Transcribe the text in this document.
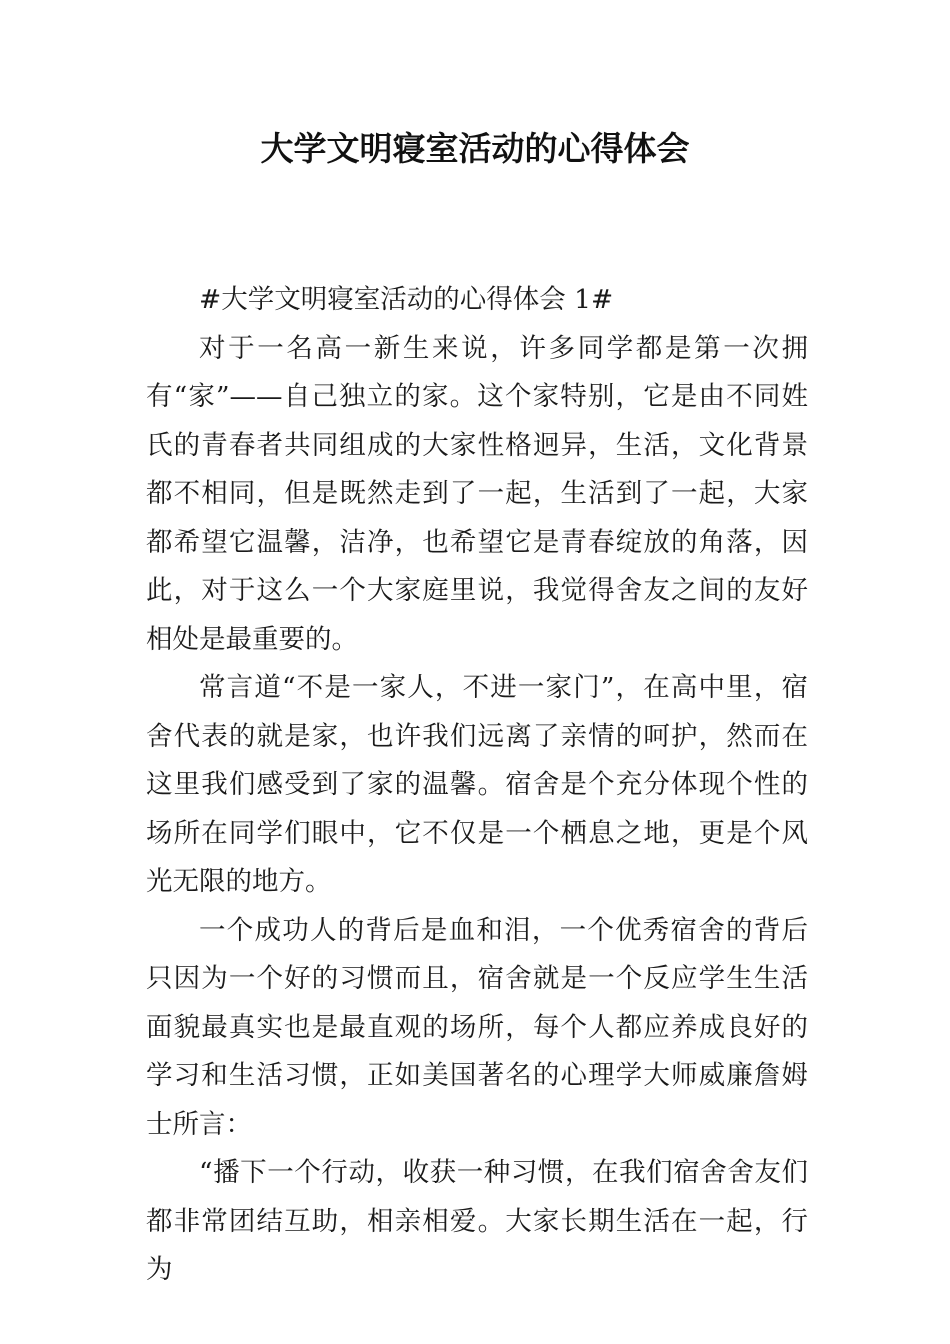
大学文明寝室活动的心得体会

#大学文明寝室活动的心得体会 1#

对于一名高一新生来说，许多同学都是第一次拥有“家”——自己独立的家。这个家特别，它是由不同姓氏的青春者共同组成的大家性格迥异，生活，文化背景都不相同，但是既然走到了一起，生活到了一起，大家都希望它温馨，洁净，也希望它是青春绽放的角落，因此，对于这么一个大家庭里说，我觉得舍友之间的友好相处是最重要的。

常言道“不是一家人，不进一家门”，在高中里，宿舍代表的就是家，也许我们远离了亲情的呵护，然而在这里我们感受到了家的温馨。宿舍是个充分体现个性的场所在同学们眼中，它不仅是一个栖息之地，更是个风光无限的地方。

一个成功人的背后是血和泪，一个优秀宿舍的背后只因为一个好的习惯而且，宿舍就是一个反应学生生活面貌最真实也是最直观的场所，每个人都应养成良好的学习和生活习惯，正如美国著名的心理学大师威廉詹姆士所言：

“播下一个行动，收获一种习惯，在我们宿舍舍友们都非常团结互助，相亲相爱。大家长期生活在一起，行为
